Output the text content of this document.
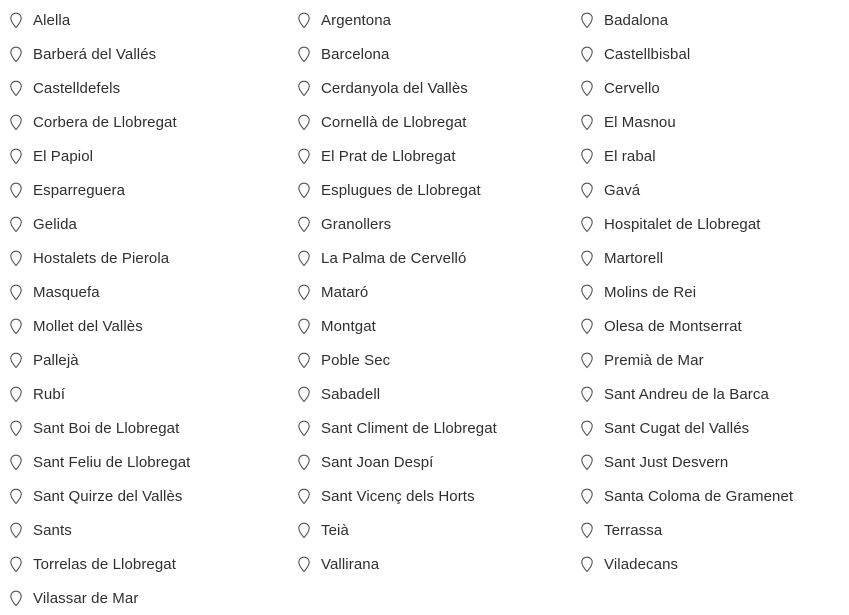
Alella
Barberá del Vallés
Castelldefels
Corbera de Llobregat
El Papiol
Esparreguera
Gelida
Hostalets de Pierola
Masquefa
Mollet del Vallès
Pallejà
Rubí
Sant Boi de Llobregat
Sant Feliu de Llobregat
Sant Quirze del Vallès
Sants
Torrelas de Llobregat
Vilassar de Mar
Argentona
Barcelona
Cerdanyola del Vallès
Cornellà de Llobregat
El Prat de Llobregat
Esplugues de Llobregat
Granollers
La Palma de Cervelló
Mataró
Montgat
Poble Sec
Sabadell
Sant Climent de Llobregat
Sant Joan Despí
Sant Vicenç dels Horts
Teià
Vallirana
Badalona
Castellbisbal
Cervello
El Masnou
El rabal
Gavá
Hospitalet de Llobregat
Martorell
Molins de Rei
Olesa de Montserrat
Premià de Mar
Sant Andreu de la Barca
Sant Cugat del Vallés
Sant Just Desvern
Santa Coloma de Gramenet
Terrassa
Viladecans
